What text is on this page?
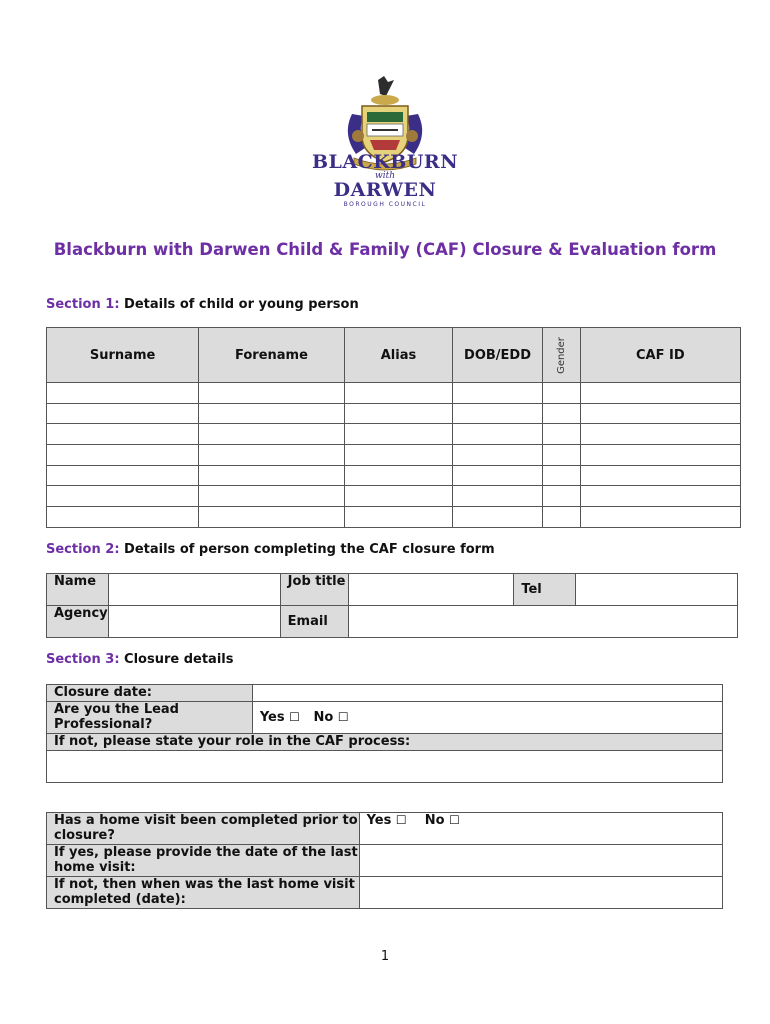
BLACKBURN
with
DARWEN
BOROUGH COUNCIL
Blackburn with Darwen Child & Family (CAF) Closure & Evaluation form
Section 1: Details of child or young person
Surname	Forename	Alias	DOB/EDD	Gender	CAF ID

Section 2: Details of person completing the CAF closure form
Name		Job title		Tel	
Agency		Email			
Section 3: Closure details
Closure date:	
Are you the Lead Professional?	Yes ☐ No ☐
If not, please state your role in the CAF process:	

Has a home visit been completed prior to closure?	Yes ☐ No ☐
If yes, please provide the date of the last home visit:	
If not, then when was the last home visit completed (date):	
1
